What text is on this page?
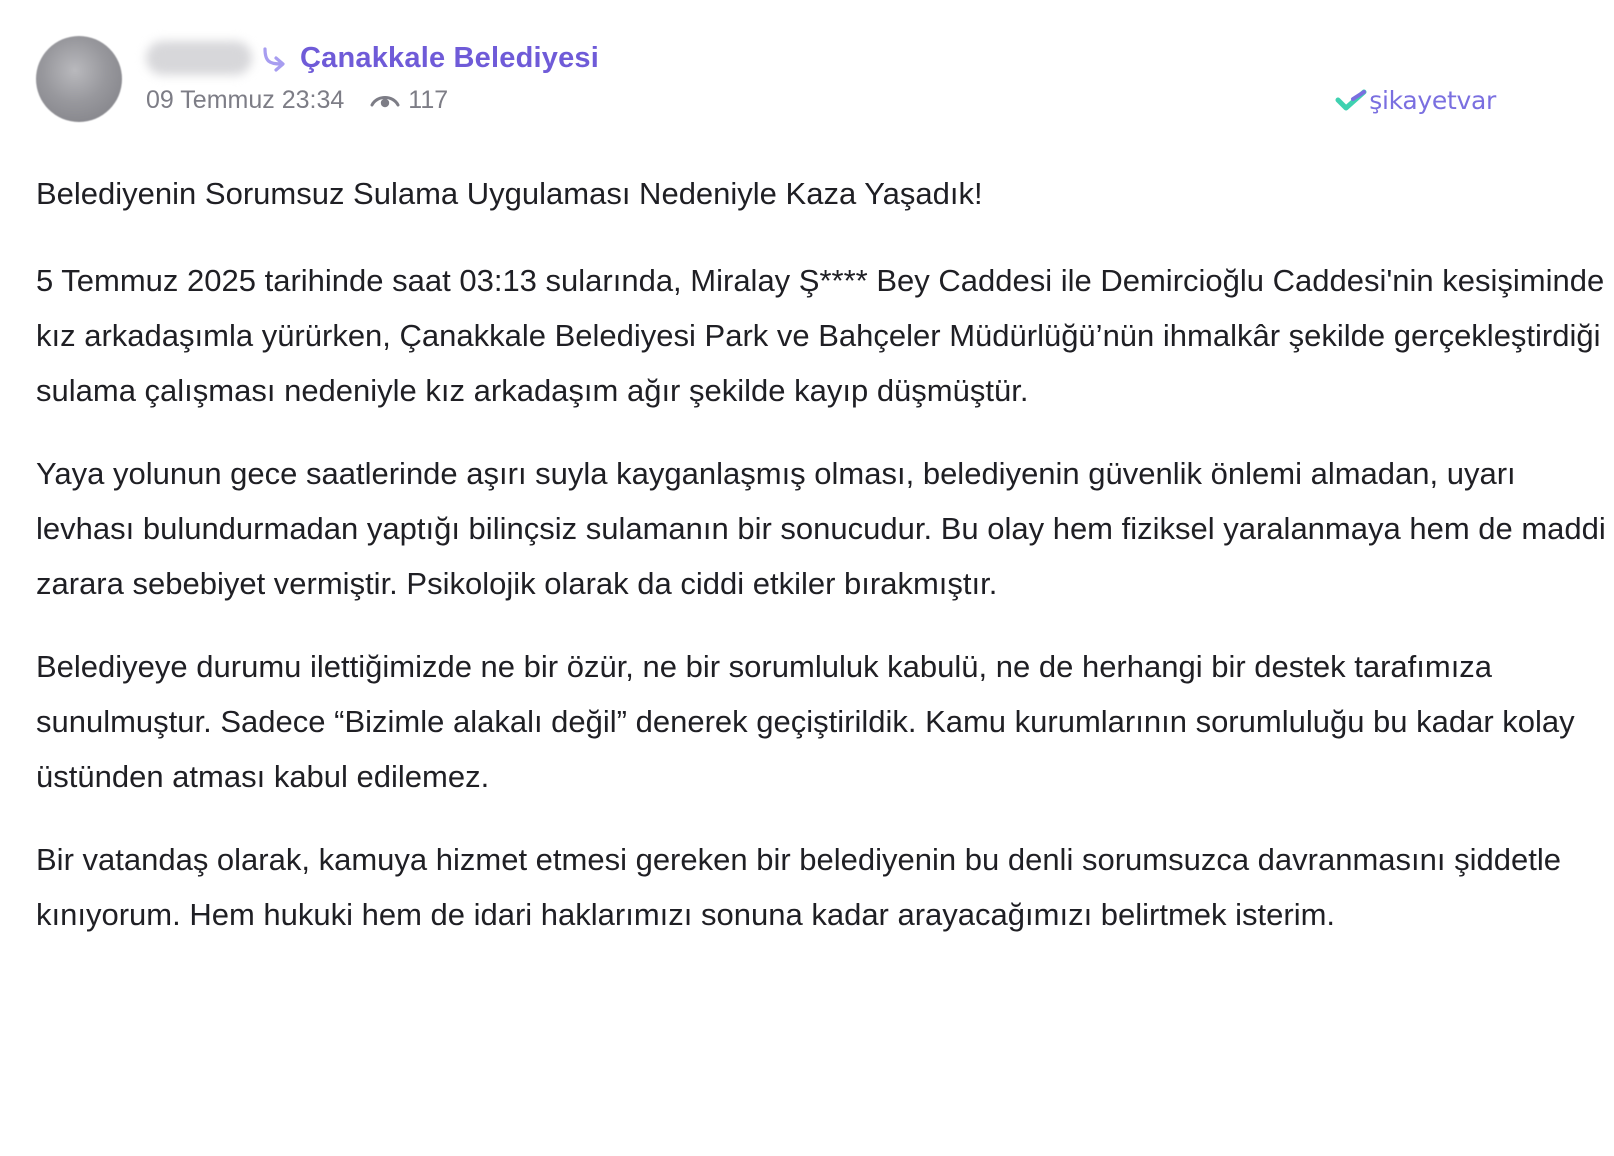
Çanakkale Belediyesi
09 Temmuz 23:34	117	şikayetvar
Belediyenin Sorumsuz Sulama Uygulaması Nedeniyle Kaza Yaşadık!

5 Temmuz 2025 tarihinde saat 03:13 sularında, Miralay Ş**** Bey Caddesi ile Demircioğlu Caddesi'nin kesişiminde kız arkadaşımla yürürken, Çanakkale Belediyesi Park ve Bahçeler Müdürlüğü’nün ihmalkâr şekilde gerçekleştirdiği sulama çalışması nedeniyle kız arkadaşım ağır şekilde kayıp düşmüştür.

Yaya yolunun gece saatlerinde aşırı suyla kayganlaşmış olması, belediyenin güvenlik önlemi almadan, uyarı levhası bulundurmadan yaptığı bilinçsiz sulamanın bir sonucudur. Bu olay hem fiziksel yaralanmaya hem de maddi zarara sebebiyet vermiştir. Psikolojik olarak da ciddi etkiler bırakmıştır.

Belediyeye durumu ilettiğimizde ne bir özür, ne bir sorumluluk kabulü, ne de herhangi bir destek tarafımıza sunulmuştur. Sadece “Bizimle alakalı değil” denerek geçiştirildik. Kamu kurumlarının sorumluluğu bu kadar kolay üstünden atması kabul edilemez.

Bir vatandaş olarak, kamuya hizmet etmesi gereken bir belediyenin bu denli sorumsuzca davranmasını şiddetle kınıyorum. Hem hukuki hem de idari haklarımızı sonuna kadar arayacağımızı belirtmek isterim.
